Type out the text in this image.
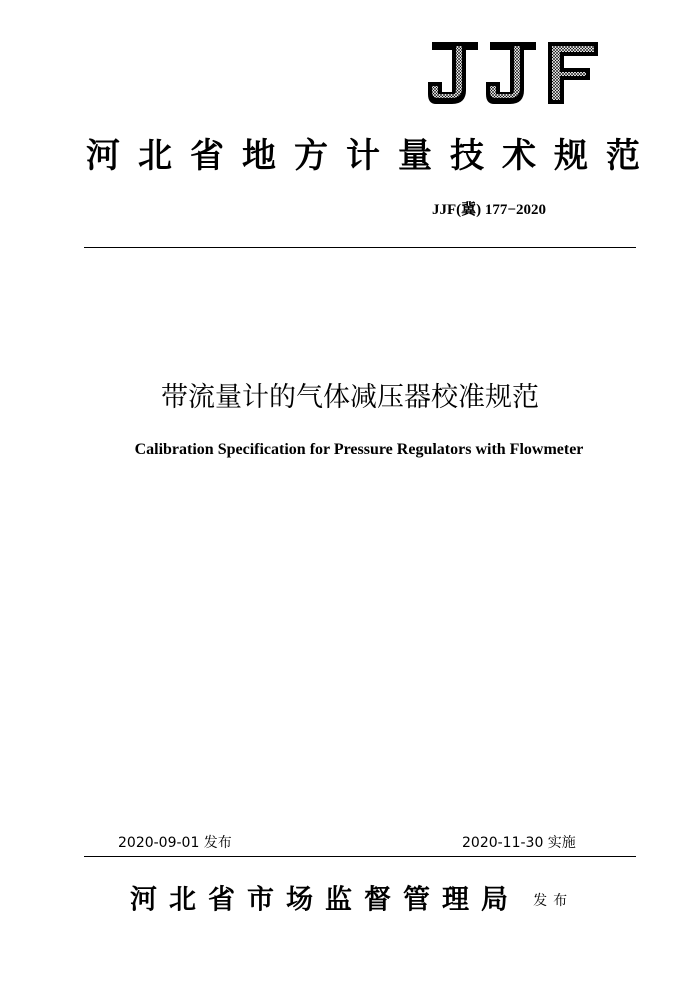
河北省地方计量技术规范
JJF(冀) 177−2020
带流量计的气体减压器校准规范
Calibration Specification for Pressure Regulators with Flowmeter
2020-09-01 发布	2020-11-30 实施
河北省市场监督管理局 发布
